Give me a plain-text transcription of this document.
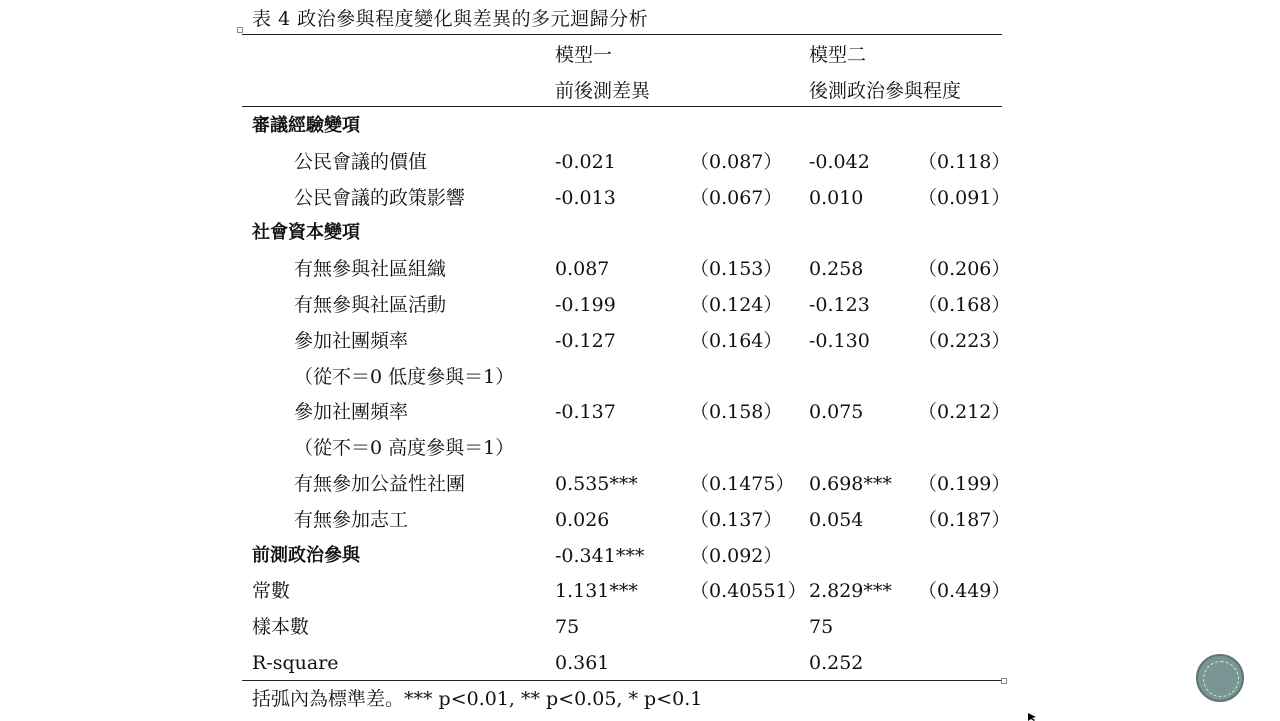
表 4 政治參與程度變化與差異的多元迴歸分析
模型一	模型二
前後測差異	後測政治參與程度
審議經驗變項
公民會議的價值	-0.021	（0.087） -0.042	（0.118）
公民會議的政策影響	-0.013	（0.067） 0.010	（0.091）
社會資本變項
有無參與社區組織	0.087	（0.153） 0.258	（0.206）
有無參與社區活動	-0.199	（0.124） -0.123	（0.168）
參加社團頻率	-0.127	（0.164） -0.130	（0.223）
（從不＝0 低度參與＝1）
參加社團頻率	-0.137	（0.158） 0.075	（0.212）
（從不＝0 高度參與＝1）
有無參加公益性社團	0.535***	（0.1475） 0.698*** （0.199）
有無參加志工	0.026	（0.137） 0.054	（0.187）
前測政治參與	-0.341*** （0.092）
常數	1.131***	（0.40551） 2.829*** （0.449）
樣本數	75	75
R-square	0.361	0.252
括弧內為標準差。*** p<0.01, ** p<0.05, * p<0.1
